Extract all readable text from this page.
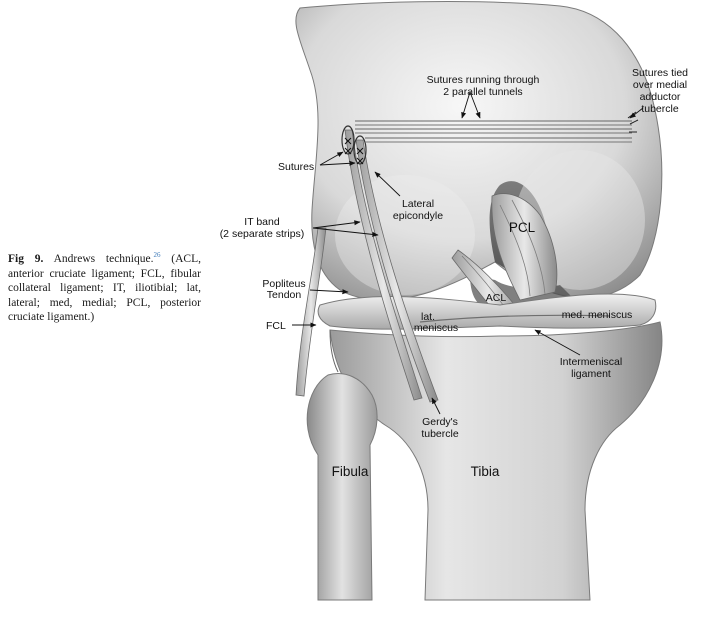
Fig 9. Andrews technique.$^{26}$ (ACL, anterior cruciate ligament; FCL, fibular collateral ligament; IT, iliotibial; lat, lateral; med, medial; PCL, posterior cruciate ligament.)
Sutures running through
2 parallel tunnels
Sutures tied
over medial
adductor
tubercle
Sutures
Lateral
epicondyle
IT band
(2 separate strips)	PCL
Popliteus
Tendon	ACL
FCL
lat.
meniscus
med. meniscus
Intermeniscal
ligament
Gerdy's
tubercle
Fibula	Tibia
